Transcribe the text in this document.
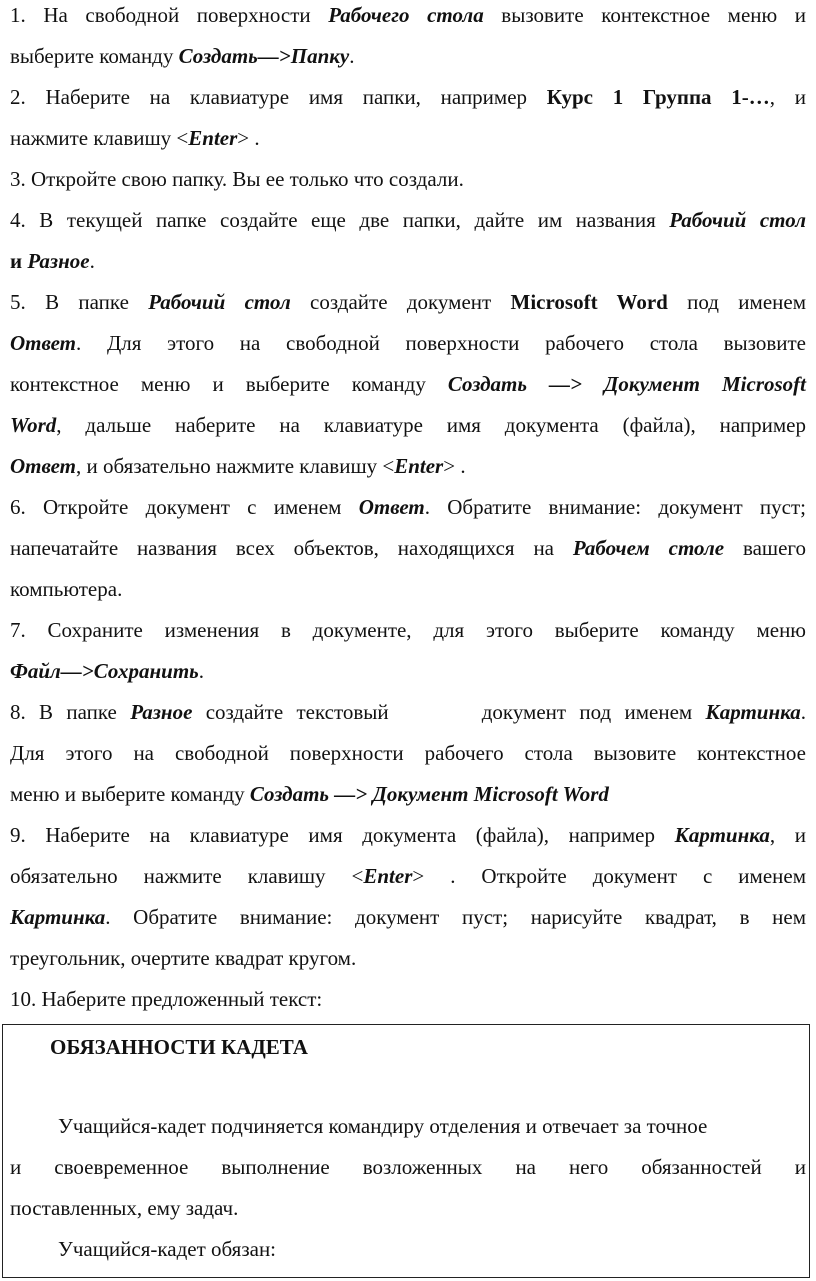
1. На свободной поверхности Рабочего стола вызовите контекстное меню и
выберите команду Создать—>Папку.
2. Наберите на клавиатуре имя папки, например Курс 1 Группа 1-…, и
нажмите клавишу <Enter> .
3. Откройте свою папку. Вы ее только что создали.
4. В текущей папке создайте еще две папки, дайте им названия Рабочий стол
и Разное.
5. В папке Рабочий стол создайте документ Microsoft Word под именем
Ответ. Для этого на свободной поверхности рабочего стола вызовите
контекстное меню и выберите команду Создать —> Документ Microsoft
Word, дальше наберите на клавиатуре имя документа (файла), например
Ответ, и обязательно нажмите клавишу <Enter> .
6. Откройте документ с именем Ответ. Обратите внимание: документ пуст;
напечатайте названия всех объектов, находящихся на Рабочем столе вашего
компьютера.
7. Сохраните изменения в документе, для этого выберите команду меню
Файл—>Сохранить.
8. В папке Разное создайте текстовый       документ под именем Картинка.
Для этого на свободной поверхности рабочего стола вызовите контекстное
меню и выберите команду Создать —> Документ Microsoft Word
9. Наберите на клавиатуре имя документа (файла), например Картинка, и
обязательно нажмите клавишу <Enter> . Откройте документ с именем
Картинка. Обратите внимание: документ пуст; нарисуйте квадрат, в нем
треугольник, очертите квадрат кругом.
10. Наберите предложенный текст:
ОБЯЗАННОСТИ КАДЕТА
Учащийся-кадет подчиняется командиру отделения и отвечает за точное
и своевременное выполнение возложенных на него обязанностей и
поставленных, ему задач.
Учащийся-кадет обязан:
